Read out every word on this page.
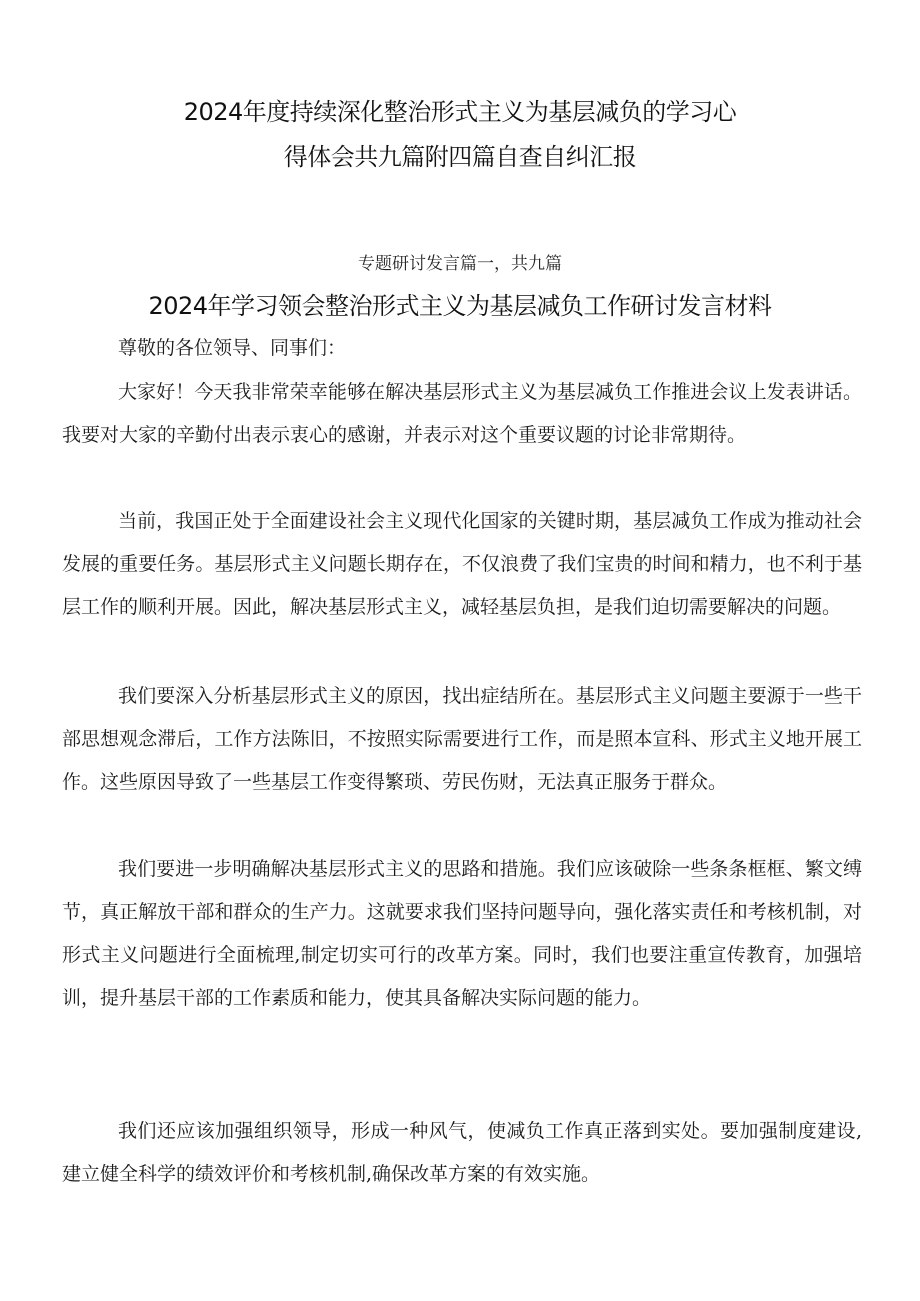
2024年度持续深化整治形式主义为基层减负的学习心
得体会共九篇附四篇自查自纠汇报
专题研讨发言篇一，共九篇
2024年学习领会整治形式主义为基层减负工作研讨发言材料

尊敬的各位领导、同事们：

大家好！今天我非常荣幸能够在解决基层形式主义为基层减负工作推进会议上发表讲话。我要对大家的辛勤付出表示衷心的感谢，并表示对这个重要议题的讨论非常期待。

当前，我国正处于全面建设社会主义现代化国家的关键时期，基层减负工作成为推动社会发展的重要任务。基层形式主义问题长期存在，不仅浪费了我们宝贵的时间和精力，也不利于基层工作的顺利开展。因此，解决基层形式主义，减轻基层负担，是我们迫切需要解决的问题。

我们要深入分析基层形式主义的原因，找出症结所在。基层形式主义问题主要源于一些干部思想观念滞后，工作方法陈旧，不按照实际需要进行工作，而是照本宣科、形式主义地开展工作。这些原因导致了一些基层工作变得繁琐、劳民伤财，无法真正服务于群众。

我们要进一步明确解决基层形式主义的思路和措施。我们应该破除一些条条框框、繁文缚节，真正解放干部和群众的生产力。这就要求我们坚持问题导向，强化落实责任和考核机制，对形式主义问题进行全面梳理,制定切实可行的改革方案。同时，我们也要注重宣传教育，加强培训，提升基层干部的工作素质和能力，使其具备解决实际问题的能力。

我们还应该加强组织领导，形成一种风气，使减负工作真正落到实处。要加强制度建设,建立健全科学的绩效评价和考核机制,确保改革方案的有效实施。
